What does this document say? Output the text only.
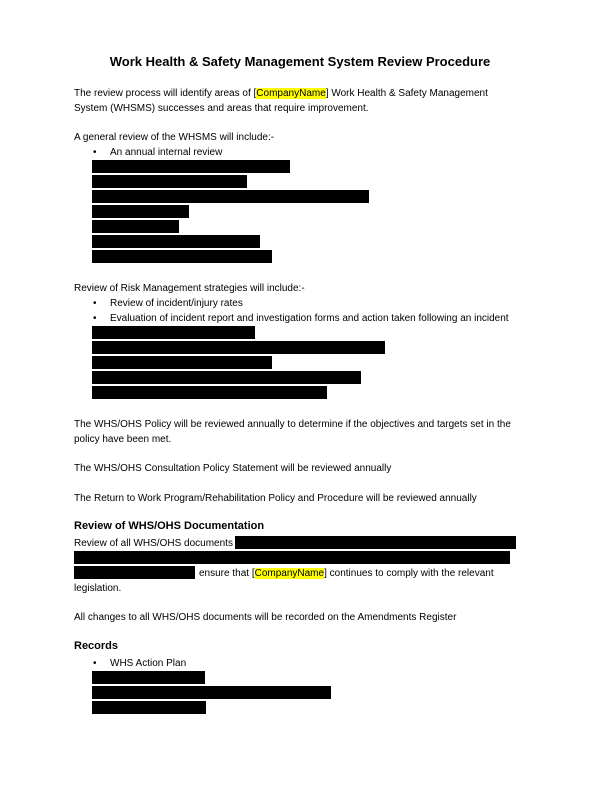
Work Health & Safety Management System Review Procedure
The review process will identify areas of [CompanyName] Work Health & Safety Management
System (WHSMS) successes and areas that require improvement.
A general review of the WHSMS will include:-
• An annual internal review
Review of Risk Management strategies will include:-
• Review of incident/injury rates
• Evaluation of incident report and investigation forms and action taken following an incident
The WHS/OHS Policy will be reviewed annually to determine if the objectives and targets set in the
policy have been met.
The WHS/OHS Consultation Policy Statement will be reviewed annually
The Return to Work Program/Rehabilitation Policy and Procedure will be reviewed annually
Review of WHS/OHS Documentation
Review of all WHS/OHS documents
ensure that [CompanyName] continues to comply with the relevant
legislation.
All changes to all WHS/OHS documents will be recorded on the Amendments Register
Records
• WHS Action Plan
